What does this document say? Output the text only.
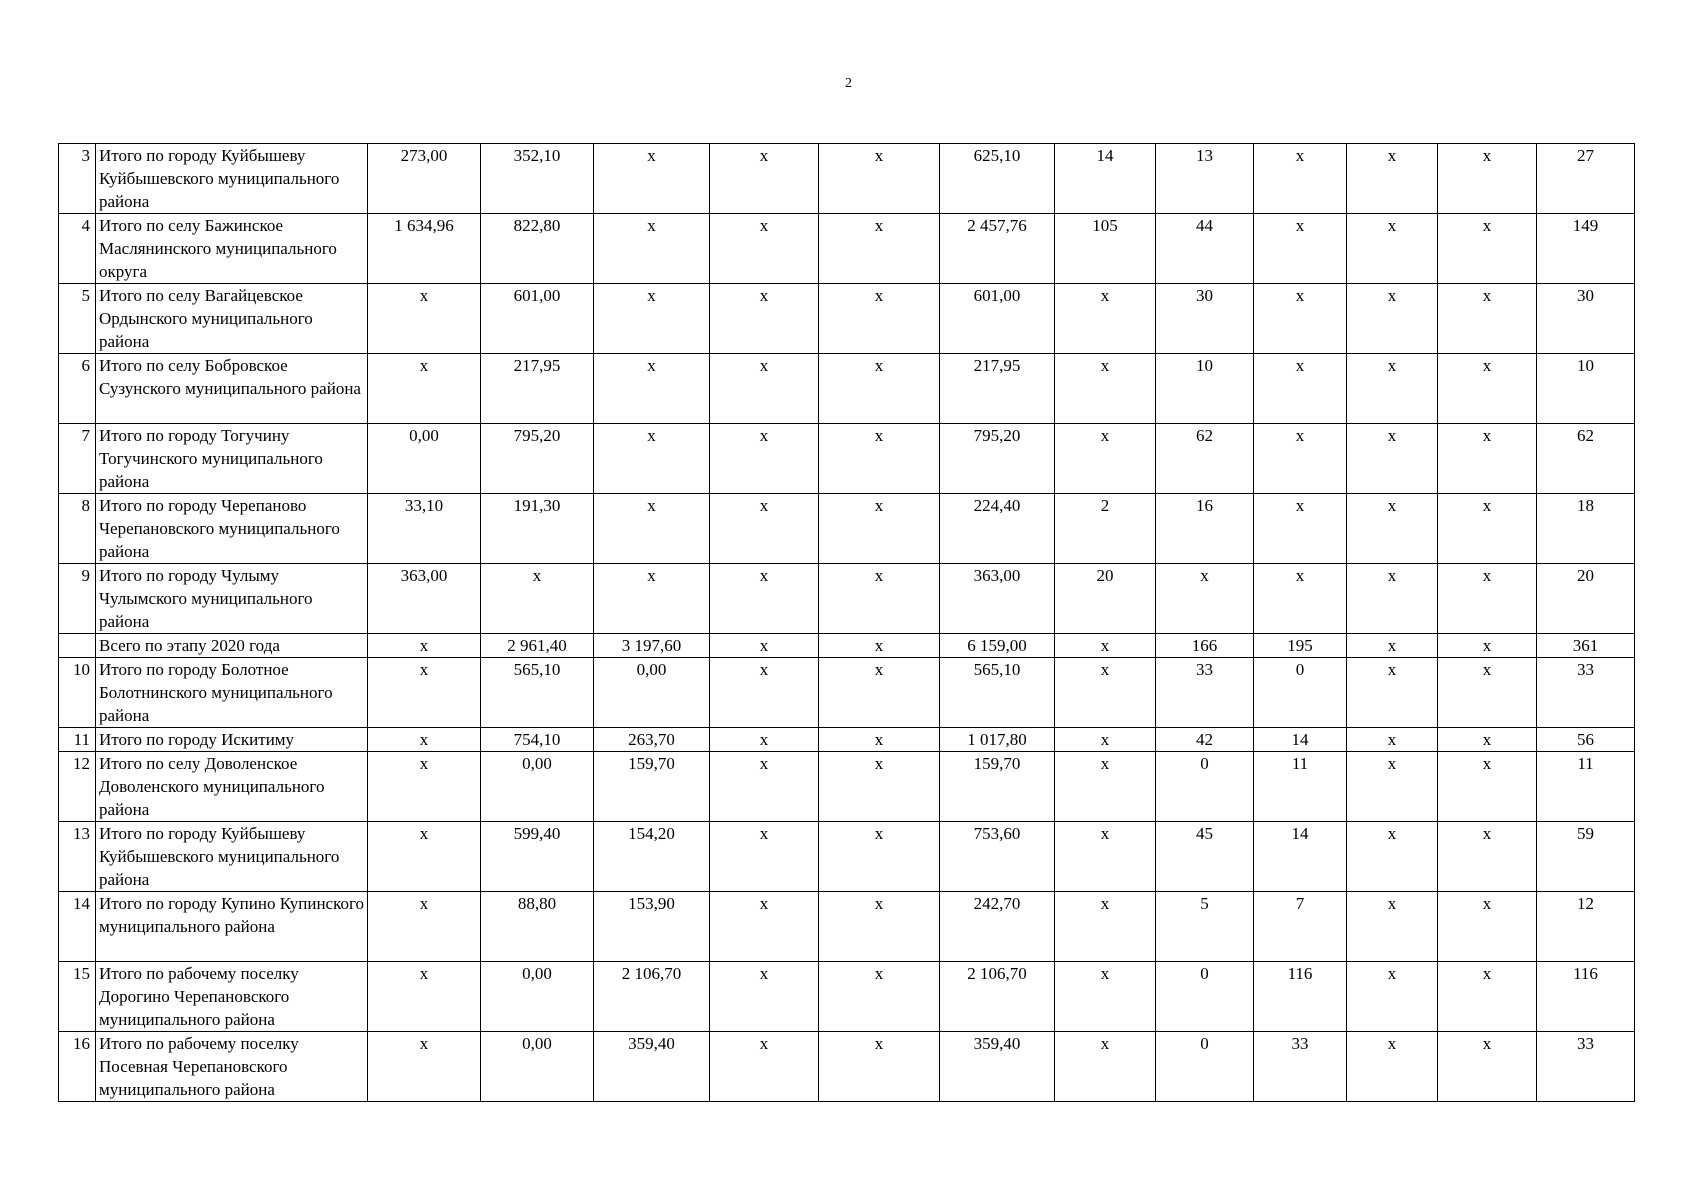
2
3	Итого по городу Куйбышеву Куйбышевского муниципального района	273,00	352,10	x	x	x	625,10	14	13	x	x	x	27
4	Итого по селу Бажинское Маслянинского муниципального округа	1 634,96	822,80	x	x	x	2 457,76	105	44	x	x	x	149
5	Итого по селу Вагайцевское Ордынского муниципального района	x	601,00	x	x	x	601,00	x	30	x	x	x	30
6	Итого по селу Бобровское Сузунского муниципального района	x	217,95	x	x	x	217,95	x	10	x	x	x	10
7	Итого по городу Тогучину Тогучинского муниципального района	0,00	795,20	x	x	x	795,20	x	62	x	x	x	62
8	Итого по городу Черепаново Черепановского муниципального района	33,10	191,30	x	x	x	224,40	2	16	x	x	x	18
9	Итого по городу Чулыму Чулымского муниципального района	363,00	x	x	x	x	363,00	20	x	x	x	x	20
	Всего по этапу 2020 года	x	2 961,40	3 197,60	x	x	6 159,00	x	166	195	x	x	361
10	Итого по городу Болотное Болотнинского муниципального района	x	565,10	0,00	x	x	565,10	x	33	0	x	x	33
11	Итого по городу Искитиму	x	754,10	263,70	x	x	1 017,80	x	42	14	x	x	56
12	Итого по селу Доволенское Доволенского муниципального района	x	0,00	159,70	x	x	159,70	x	0	11	x	x	11
13	Итого по городу Куйбышеву Куйбышевского муниципального района	x	599,40	154,20	x	x	753,60	x	45	14	x	x	59
14	Итого по городу Купино Купинского муниципального района	x	88,80	153,90	x	x	242,70	x	5	7	x	x	12
15	Итого по рабочему поселку Дорогино Черепановского муниципального района	x	0,00	2 106,70	x	x	2 106,70	x	0	116	x	x	116
16	Итого по рабочему поселку Посевная Черепановского муниципального района	x	0,00	359,40	x	x	359,40	x	0	33	x	x	33
